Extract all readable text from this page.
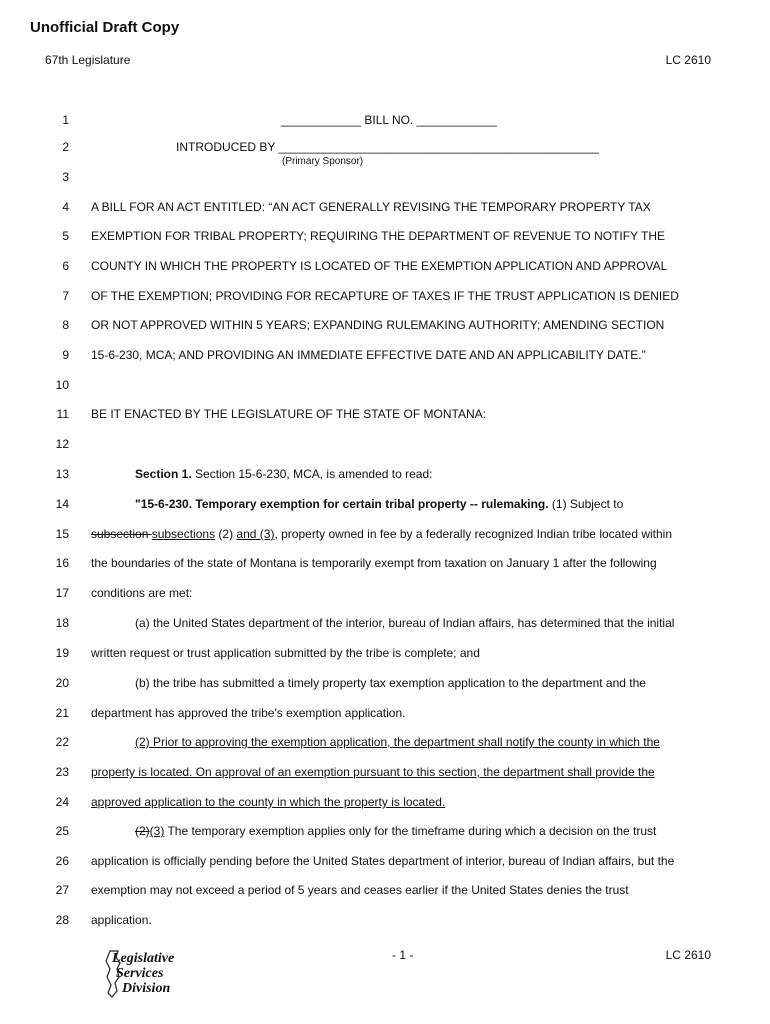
Unofficial Draft Copy
67th Legislature	LC 2610
1	____________ BILL NO. ____________
2	INTRODUCED BY ________________________________________________
3
4 A BILL FOR AN ACT ENTITLED: “AN ACT GENERALLY REVISING THE TEMPORARY PROPERTY TAX
5 EXEMPTION FOR TRIBAL PROPERTY; REQUIRING THE DEPARTMENT OF REVENUE TO NOTIFY THE
6 COUNTY IN WHICH THE PROPERTY IS LOCATED OF THE EXEMPTION APPLICATION AND APPROVAL
7 OF THE EXEMPTION; PROVIDING FOR RECAPTURE OF TAXES IF THE TRUST APPLICATION IS DENIED
8 OR NOT APPROVED WITHIN 5 YEARS; EXPANDING RULEMAKING AUTHORITY; AMENDING SECTION
9 15-6-230, MCA; AND PROVIDING AN IMMEDIATE EFFECTIVE DATE AND AN APPLICABILITY DATE.”
10
11 BE IT ENACTED BY THE LEGISLATURE OF THE STATE OF MONTANA:
12
13	Section 1. Section 15-6-230, MCA, is amended to read:
14	"15-6-230. Temporary exemption for certain tribal property -- rulemaking. (1) Subject to
15 subsection subsections (2) and (3), property owned in fee by a federally recognized Indian tribe located within
16 the boundaries of the state of Montana is temporarily exempt from taxation on January 1 after the following
17 conditions are met:
18	(a) the United States department of the interior, bureau of Indian affairs, has determined that the initial
19 written request or trust application submitted by the tribe is complete; and
20	(b) the tribe has submitted a timely property tax exemption application to the department and the
21 department has approved the tribe's exemption application.
22	(2) Prior to approving the exemption application, the department shall notify the county in which the
23 property is located. On approval of an exemption pursuant to this section, the department shall provide the
24 approved application to the county in which the property is located.
25	(2)(3) The temporary exemption applies only for the timeframe during which a decision on the trust
26 application is officially pending before the United States department of interior, bureau of Indian affairs, but the
27 exemption may not exceed a period of 5 years and ceases earlier if the United States denies the trust
28 application.
(Primary Sponsor)
- 1 -	LC 2610
Legislative
Services
Division
